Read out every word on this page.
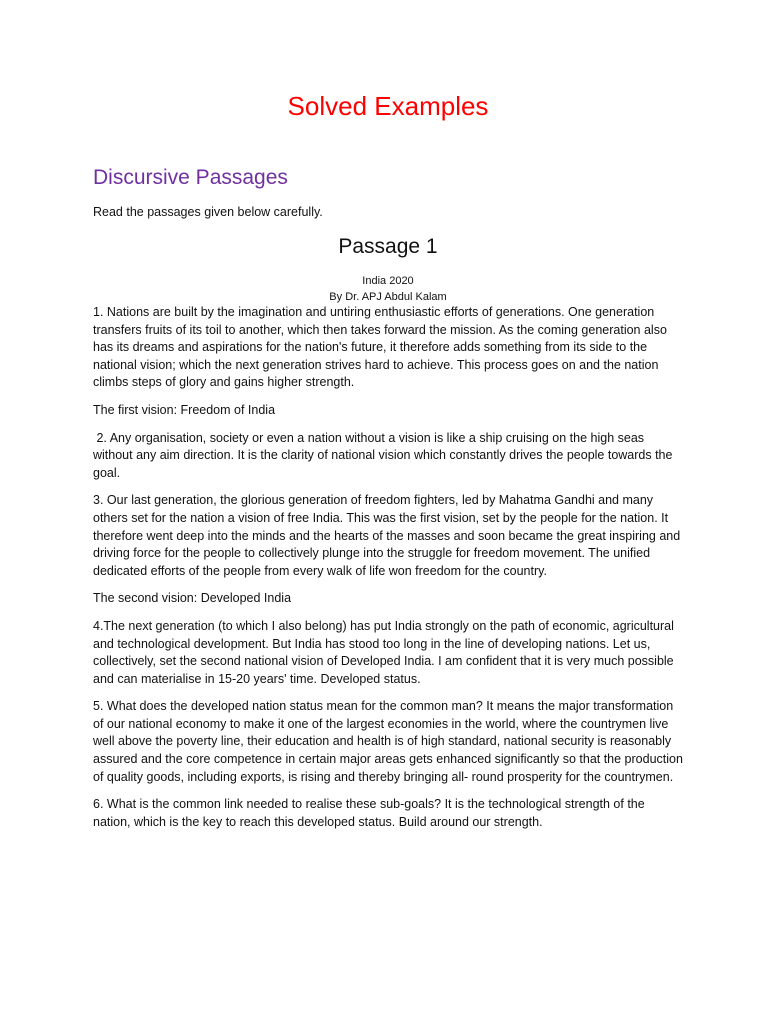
Solved Examples
Discursive Passages

Read the passages given below carefully.

Passage 1

India 2020

By Dr. APJ Abdul Kalam

1. Nations are built by the imagination and untiring enthusiastic efforts of generations. One generation transfers fruits of its toil to another, which then takes forward the mission. As the coming generation also has its dreams and aspirations for the nation's future, it therefore adds something from its side to the national vision; which the next generation strives hard to achieve. This process goes on and the nation climbs steps of glory and gains higher strength.

The first vision: Freedom of India

2. Any organisation, society or even a nation without a vision is like a ship cruising on the high seas without any aim direction. It is the clarity of national vision which constantly drives the people towards the goal.

3. Our last generation, the glorious generation of freedom fighters, led by Mahatma Gandhi and many others set for the nation a vision of free India. This was the first vision, set by the people for the nation. It therefore went deep into the minds and the hearts of the masses and soon became the great inspiring and driving force for the people to collectively plunge into the struggle for freedom movement. The unified dedicated efforts of the people from every walk of life won freedom for the country.

The second vision: Developed India

4.The next generation (to which I also belong) has put India strongly on the path of economic, agricultural and technological development. But India has stood too long in the line of developing nations. Let us, collectively, set the second national vision of Developed India. I am confident that it is very much possible and can materialise in 15-20 years' time. Developed status.

5. What does the developed nation status mean for the common man? It means the major transformation of our national economy to make it one of the largest economies in the world, where the countrymen live well above the poverty line, their education and health is of high standard, national security is reasonably assured and the core competence in certain major areas gets enhanced significantly so that the production of quality goods, including exports, is rising and thereby bringing all- round prosperity for the countrymen.

6. What is the common link needed to realise these sub-goals? It is the technological strength of the nation, which is the key to reach this developed status. Build around our strength.
